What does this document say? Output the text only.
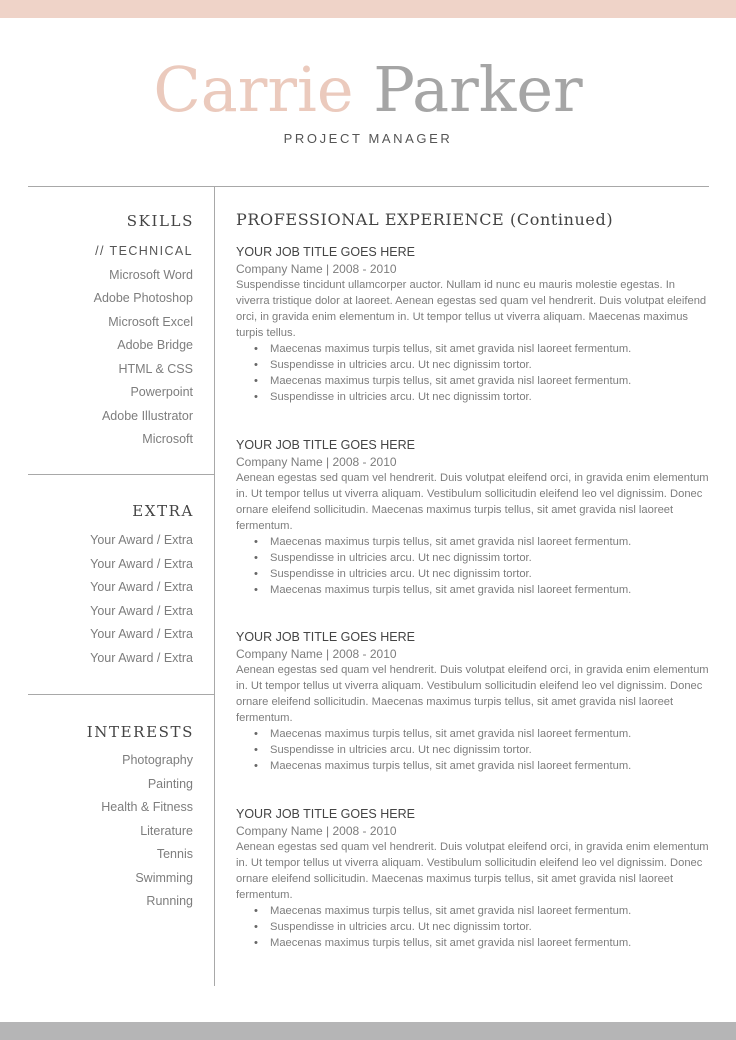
Carrie Parker
PROJECT MANAGER
SKILLS
// TECHNICAL
Microsoft Word
Adobe Photoshop
Microsoft Excel
Adobe Bridge
HTML & CSS
Powerpoint
Adobe Illustrator
Microsoft
EXTRA
Your Award / Extra
Your Award / Extra
Your Award / Extra
Your Award / Extra
Your Award / Extra
Your Award / Extra
INTERESTS
Photography
Painting
Health & Fitness
Literature
Tennis
Swimming
Running
PROFESSIONAL EXPERIENCE (Continued)
YOUR JOB TITLE GOES HERE
Company Name | 2008 - 2010

Suspendisse tincidunt ullamcorper auctor. Nullam id nunc eu mauris molestie egestas. In viverra tristique dolor at laoreet. Aenean egestas sed quam vel hendrerit. Duis volutpat eleifend orci, in gravida enim elementum in. Ut tempor tellus ut viverra aliquam. Maecenas maximus turpis tellus.

• Maecenas maximus turpis tellus, sit amet gravida nisl laoreet fermentum.
• Suspendisse in ultricies arcu. Ut nec dignissim tortor.
• Maecenas maximus turpis tellus, sit amet gravida nisl laoreet fermentum.
• Suspendisse in ultricies arcu. Ut nec dignissim tortor.
YOUR JOB TITLE GOES HERE
Company Name | 2008 - 2010

Aenean egestas sed quam vel hendrerit. Duis volutpat eleifend orci, in gravida enim elementum in. Ut tempor tellus ut viverra aliquam. Vestibulum sollicitudin eleifend leo vel dignissim. Donec ornare eleifend sollicitudin. Maecenas maximus turpis tellus, sit amet gravida nisl laoreet fermentum.

• Maecenas maximus turpis tellus, sit amet gravida nisl laoreet fermentum.
• Suspendisse in ultricies arcu. Ut nec dignissim tortor.
• Suspendisse in ultricies arcu. Ut nec dignissim tortor.
• Maecenas maximus turpis tellus, sit amet gravida nisl laoreet fermentum.
YOUR JOB TITLE GOES HERE
Company Name | 2008 - 2010

Aenean egestas sed quam vel hendrerit. Duis volutpat eleifend orci, in gravida enim elementum in. Ut tempor tellus ut viverra aliquam. Vestibulum sollicitudin eleifend leo vel dignissim. Donec ornare eleifend sollicitudin. Maecenas maximus turpis tellus, sit amet gravida nisl laoreet fermentum.

• Maecenas maximus turpis tellus, sit amet gravida nisl laoreet fermentum.
• Suspendisse in ultricies arcu. Ut nec dignissim tortor.
• Maecenas maximus turpis tellus, sit amet gravida nisl laoreet fermentum.
YOUR JOB TITLE GOES HERE
Company Name | 2008 - 2010

Aenean egestas sed quam vel hendrerit. Duis volutpat eleifend orci, in gravida enim elementum in. Ut tempor tellus ut viverra aliquam. Vestibulum sollicitudin eleifend leo vel dignissim. Donec ornare eleifend sollicitudin. Maecenas maximus turpis tellus, sit amet gravida nisl laoreet fermentum.

• Maecenas maximus turpis tellus, sit amet gravida nisl laoreet fermentum.
• Suspendisse in ultricies arcu. Ut nec dignissim tortor.
• Maecenas maximus turpis tellus, sit amet gravida nisl laoreet fermentum.
